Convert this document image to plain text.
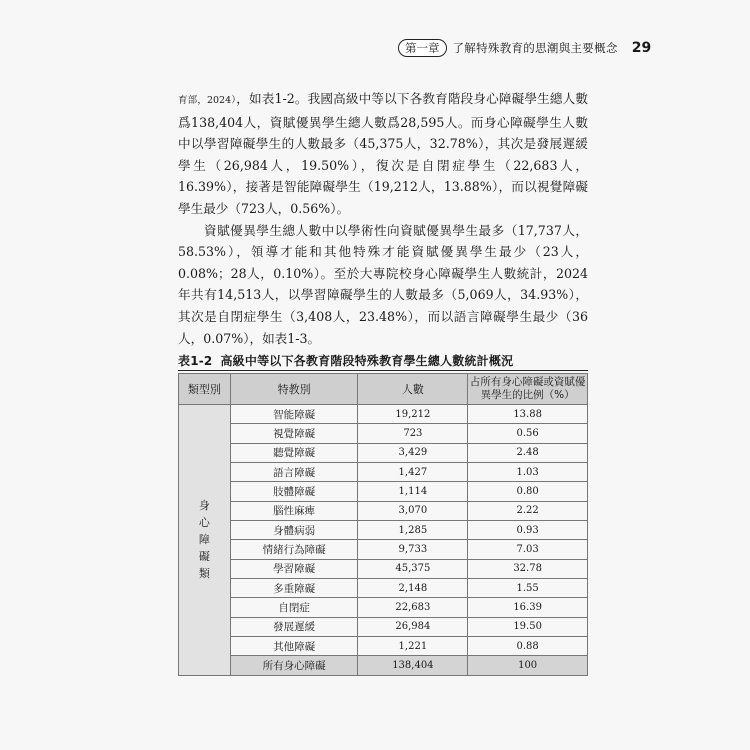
第一章	了解特殊教育的思潮與主要概念 29

育部，2024），如表1-2。我國高級中等以下各教育階段身心障礙學生總人數爲138,404人，資賦優異學生總人數爲28,595人。而身心障礙學生人數中以學習障礙學生的人數最多（45,375人，32.78%），其次是發展遲緩學生（26,984人，19.50%），復次是自閉症學生（22,683人，16.39%），接著是智能障礙學生（19,212人，13.88%），而以視覺障礙學生最少（723人，0.56%）。

資賦優異學生總人數中以學術性向資賦優異學生最多（17,737人，58.53%），領導才能和其他特殊才能資賦優異學生最少（23人，0.08%；28人，0.10%）。至於大專院校身心障礙學生人數統計，2024年共有14,513人，以學習障礙學生的人數最多（5,069人，34.93%），其次是自閉症學生（3,408人，23.48%），而以語言障礙學生最少（36人，0.07%），如表1-3。

表1-2 高級中等以下各教育階段特殊教育學生總人數統計概況
類型別	特教別	人數	占所有身心障礙或資賦優異學生的比例（%）
身心障礙類	智能障礙	19,212	13.88
	視覺障礙	723	0.56
	聽覺障礙	3,429	2.48
	語言障礙	1,427	1.03
	肢體障礙	1,114	0.80
	腦性麻痺	3,070	2.22
	身體病弱	1,285	0.93
	情緒行為障礙	9,733	7.03
	學習障礙	45,375	32.78
	多重障礙	2,148	1.55
	自閉症	22,683	16.39
	發展遲緩	26,984	19.50
	其他障礙	1,221	0.88
	所有身心障礙	138,404	100
